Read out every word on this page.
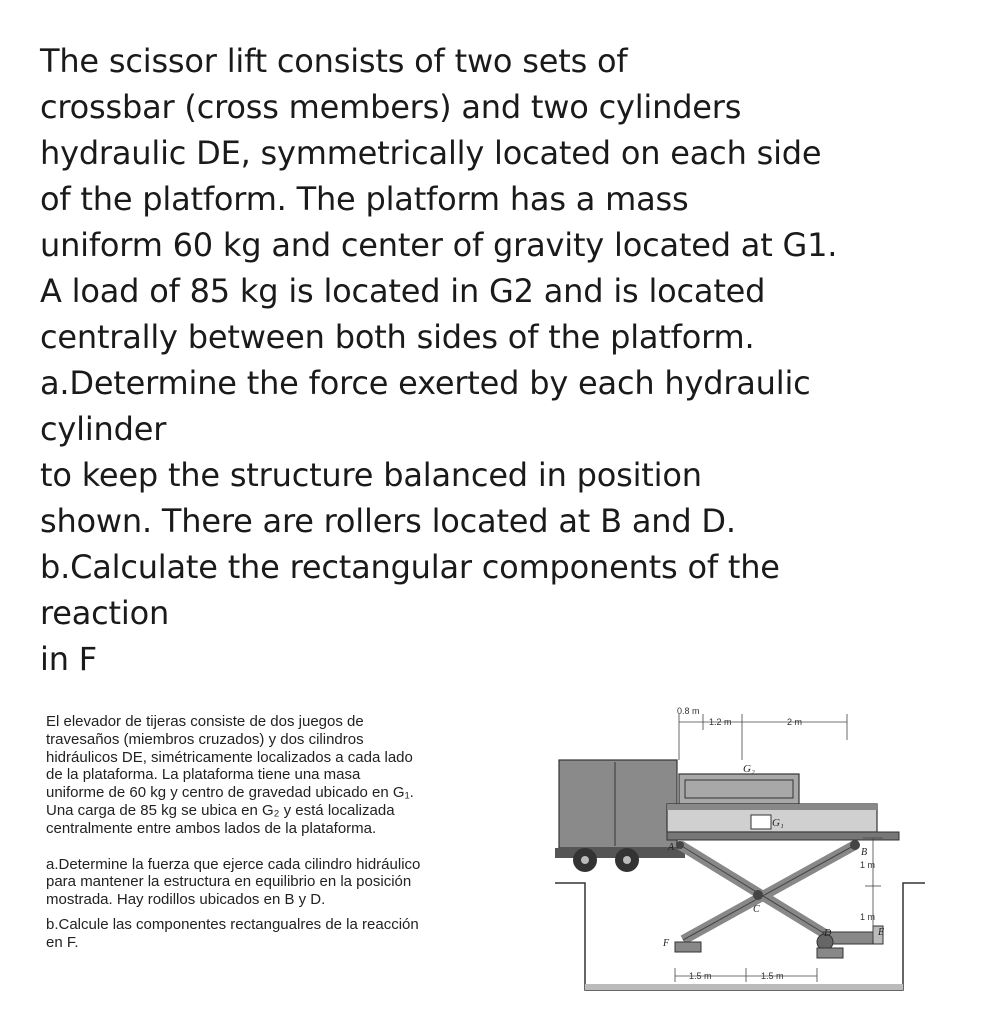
The scissor lift consists of two sets of
crossbar (cross members) and two cylinders
hydraulic DE, symmetrically located on each side
of the platform. The platform has a mass
uniform 60 kg and center of gravity located at G1.
A load of 85 kg is located in G2 and is located
centrally between both sides of the platform.
a.Determine the force exerted by each hydraulic
cylinder
to keep the structure balanced in position
shown. There are rollers located at B and D.
b.Calculate the rectangular components of the
reaction
in F
El elevador de tijeras consiste de dos juegos de
travesaños (miembros cruzados) y dos cilindros
hidráulicos DE, simétricamente localizados a cada lado
de la plataforma. La plataforma tiene una masa
uniforme de 60 kg y centro de gravedad ubicado en G₁.
Una carga de 85 kg se ubica en G₂ y está localizada
centralmente entre ambos lados de la plataforma.
a.Determine la fuerza que ejerce cada cilindro hidráulico
para mantener la estructura en equilibrio en la posición
mostrada. Hay rodillos ubicados en B y D.
b.Calcule las componentes rectangualres de la reacción
en F.
G₂
G₁
A	B
C
D	E
F
0.8 m
1.2 m	2 m
1 m
1 m
1.5 m	1.5 m
